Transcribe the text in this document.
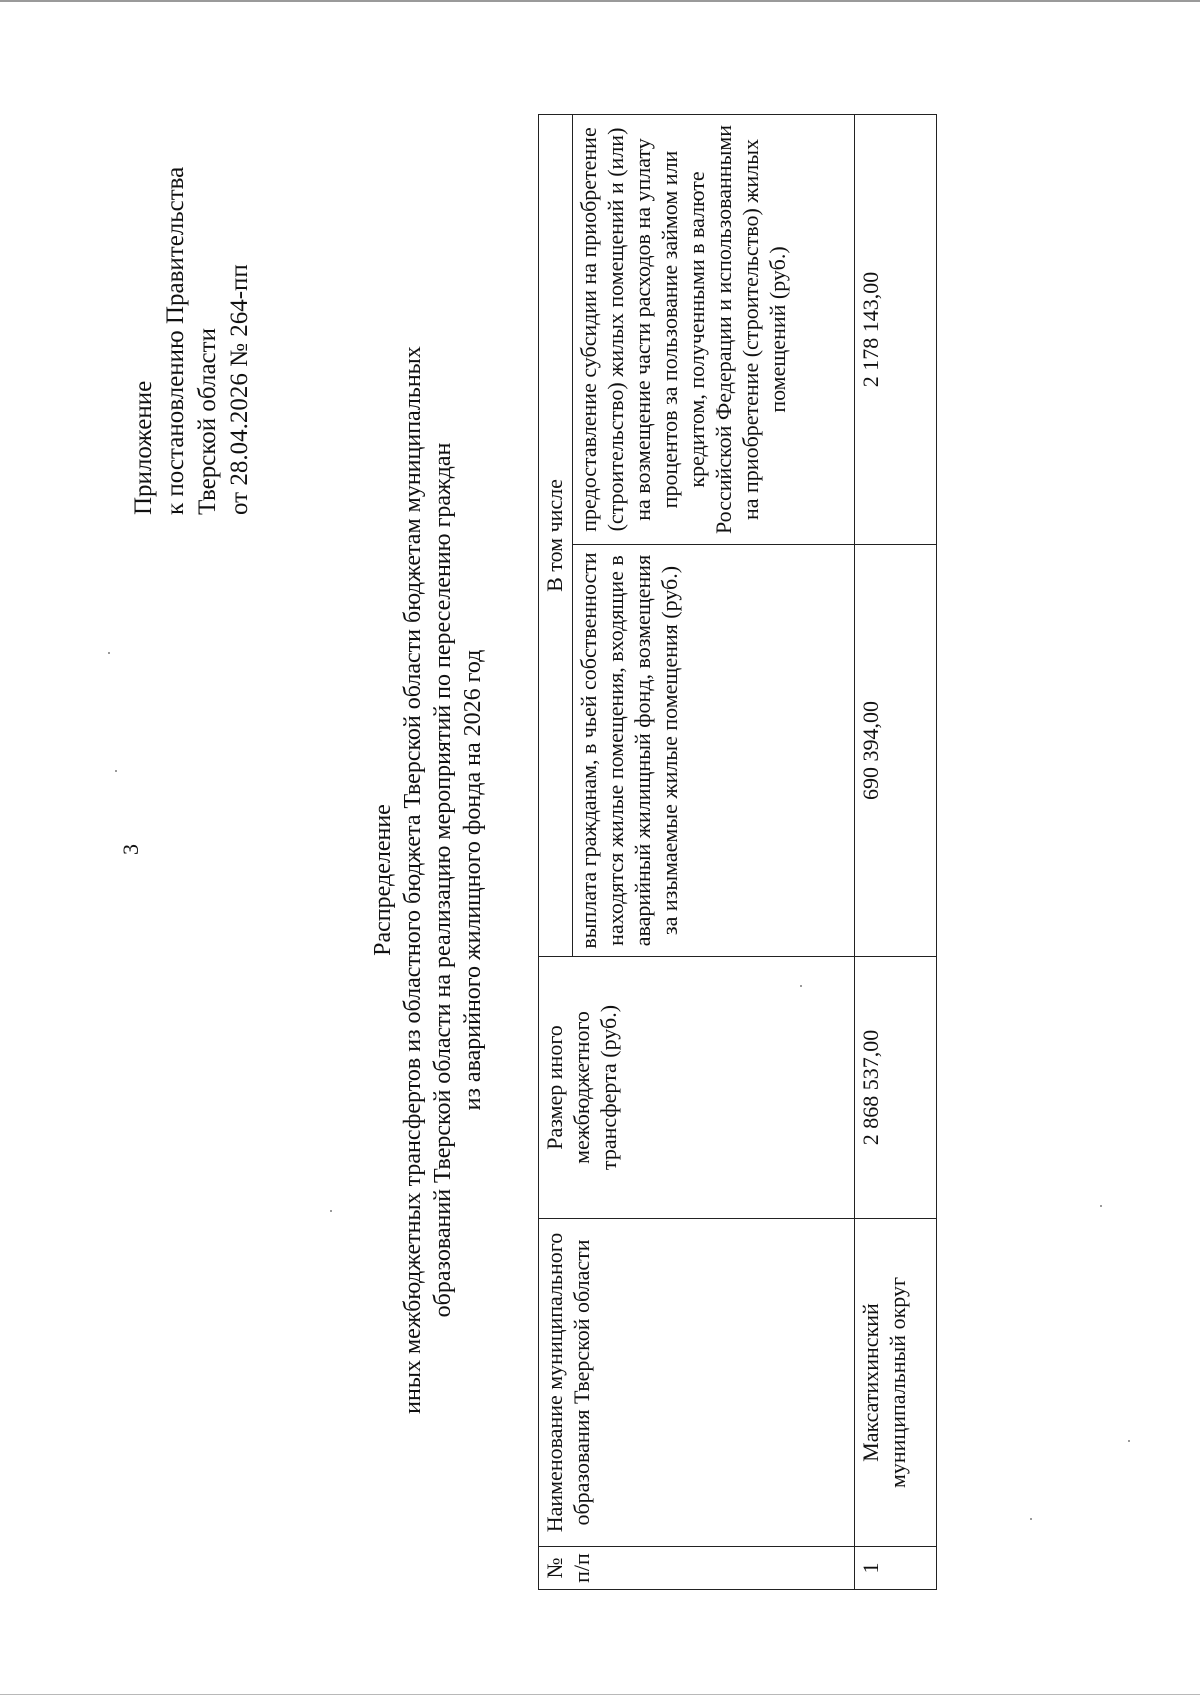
3
Приложение к постановлению Правительства Тверской области от 28.04.2026 № 264-пп
Распределение иных межбюджетных трансфертов из областного бюджета Тверской области бюджетам муниципальных образований Тверской области на реализацию мероприятий по переселению граждан из аварийного жилищного фонда на 2026 год
№ п/п	Наименование муниципального образования Тверской области	Размер иного межбюджетного трансферта (руб.)	В том числе	
			выплата гражданам, в чьей собственности находятся жилые помещения, входящие в аварийный жилищный фонд, возмещения за изымаемые жилые помещения (руб.)	предоставление субсидии на приобретение (строительство) жилых помещений и (или) на возмещение части расходов на уплату процентов за пользование займом или кредитом, полученными в валюте Российской Федерации и использованными на приобретение (строительство) жилых помещений (руб.)
1	Максатихинский муниципальный округ	2 868 537,00	690 394,00	2 178 143,00
